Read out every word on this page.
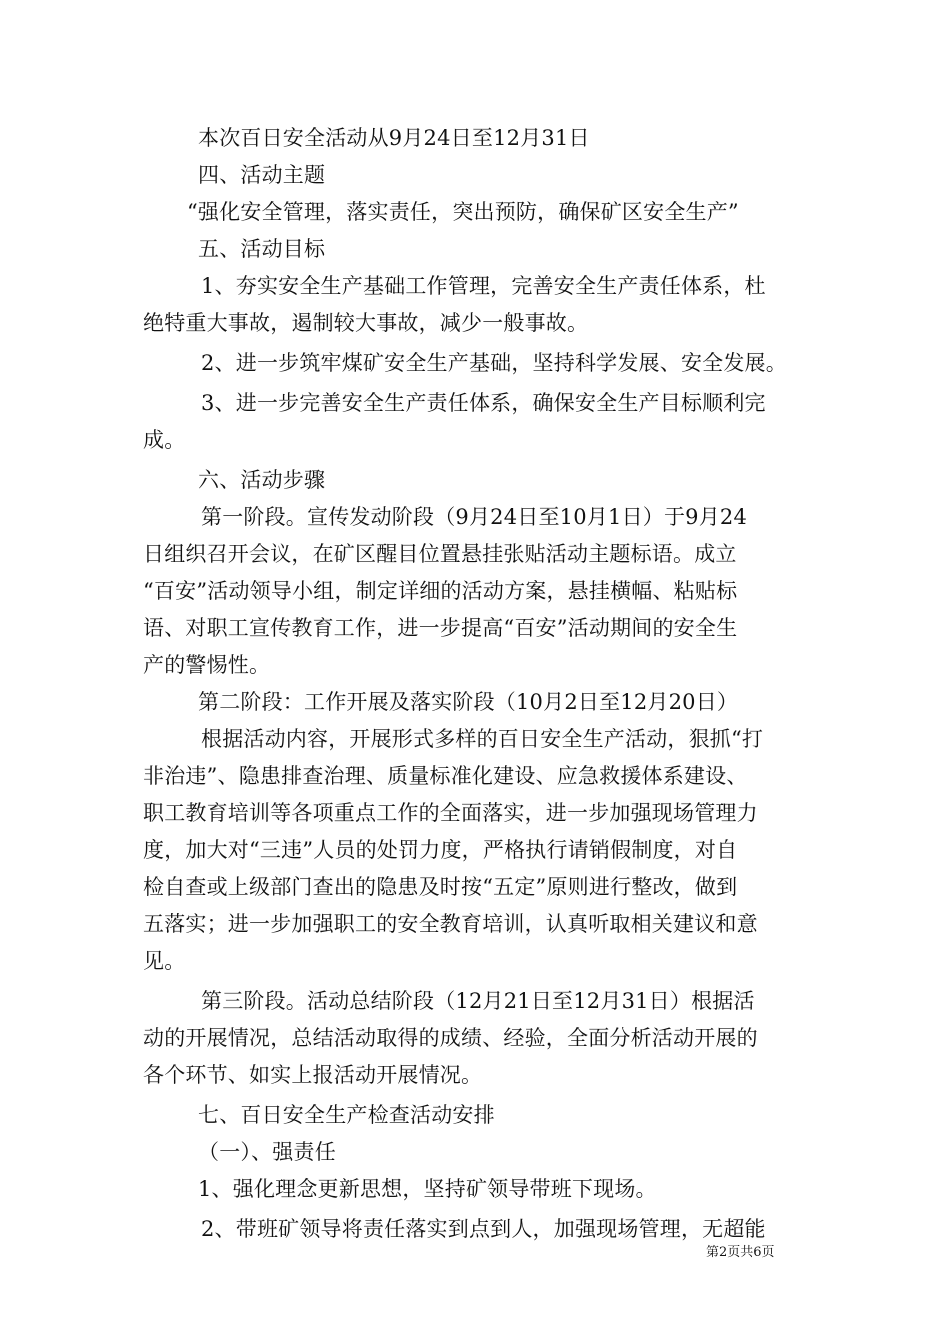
本次百日安全活动从9月24日至12月31日
四、活动主题
“强化安全管理，落实责任，突出预防，确保矿区安全生产”
五、活动目标
1、夯实安全生产基础工作管理，完善安全生产责任体系，杜
绝特重大事故，遏制较大事故，减少一般事故。
2、进一步筑牢煤矿安全生产基础，坚持科学发展、安全发展。
3、进一步完善安全生产责任体系，确保安全生产目标顺利完
成。
六、活动步骤
第一阶段。宣传发动阶段（9月24日至10月1日）于9月24
日组织召开会议，在矿区醒目位置悬挂张贴活动主题标语。成立
“百安”活动领导小组，制定详细的活动方案，悬挂横幅、粘贴标
语、对职工宣传教育工作，进一步提高“百安”活动期间的安全生
产的警惕性。
第二阶段：工作开展及落实阶段（10月2日至12月20日）
根据活动内容，开展形式多样的百日安全生产活动，狠抓“打
非治违”、隐患排查治理、质量标准化建设、应急救援体系建设、
职工教育培训等各项重点工作的全面落实，进一步加强现场管理力
度，加大对“三违”人员的处罚力度，严格执行请销假制度，对自
检自查或上级部门查出的隐患及时按“五定”原则进行整改，做到
五落实；进一步加强职工的安全教育培训，认真听取相关建议和意
见。
第三阶段。活动总结阶段（12月21日至12月31日）根据活
动的开展情况，总结活动取得的成绩、经验，全面分析活动开展的
各个环节、如实上报活动开展情况。
七、百日安全生产检查活动安排
（一）、强责任
1、强化理念更新思想，坚持矿领导带班下现场。
2、带班矿领导将责任落实到点到人，加强现场管理，无超能
第2页共6页
